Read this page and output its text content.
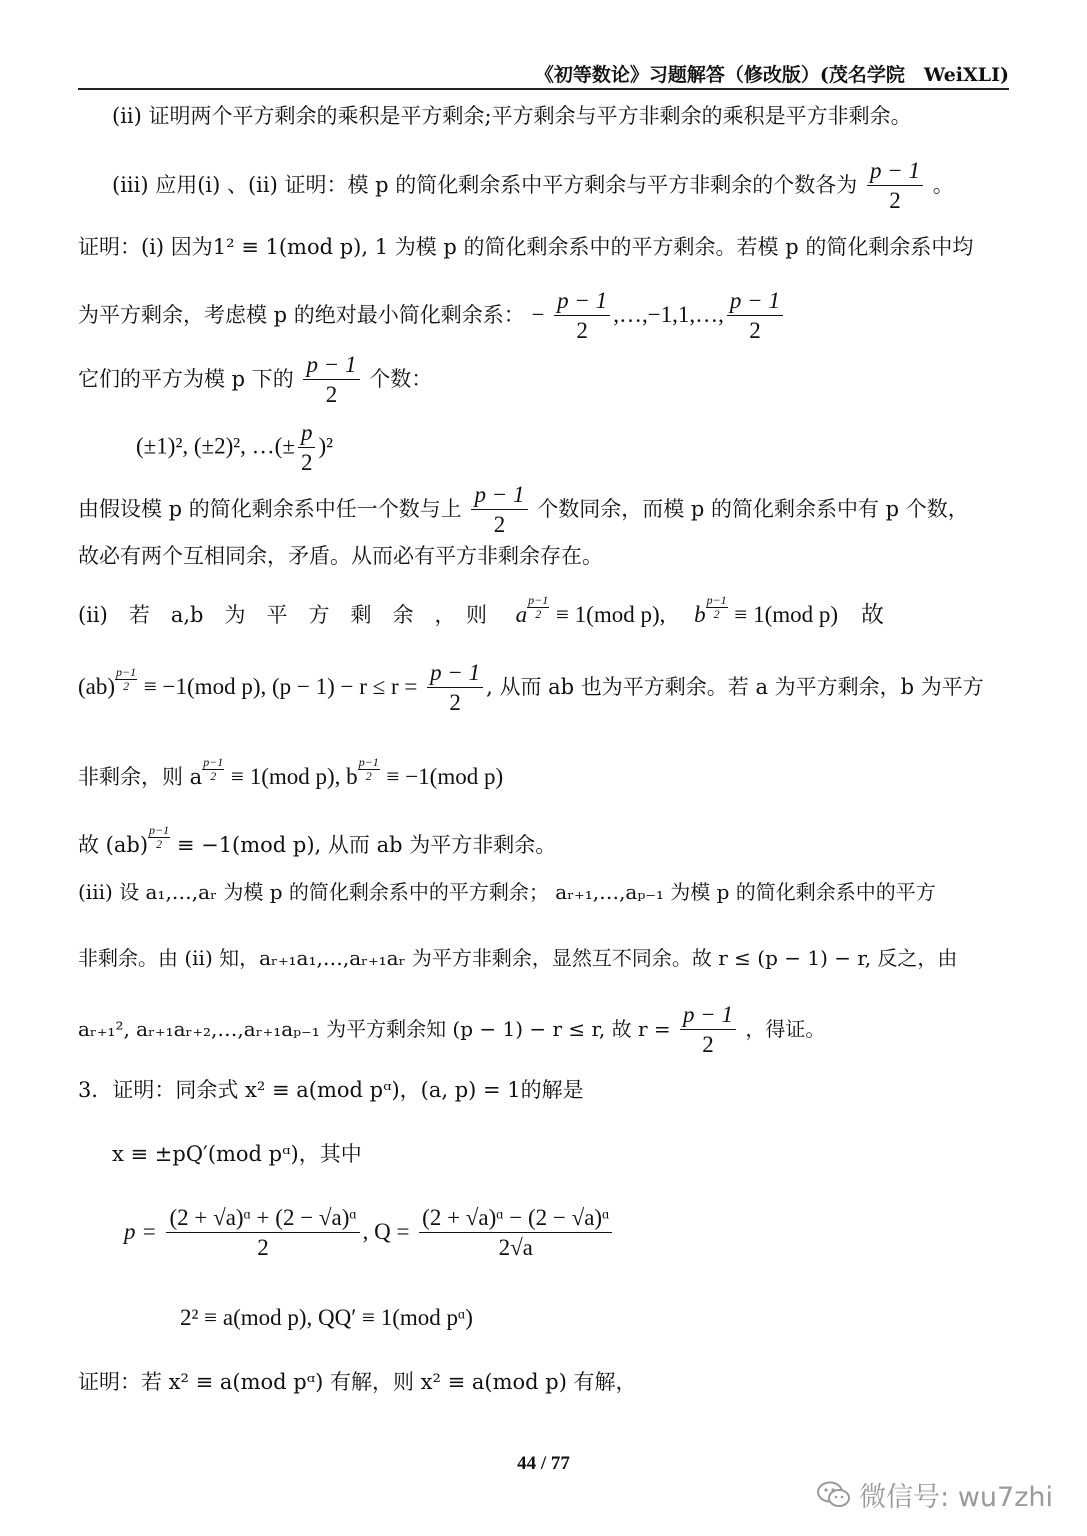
《初等数论》习题解答（修改版）(茂名学院　WeiXLI)
(ii) 证明两个平方剩余的乘积是平方剩余;平方剩余与平方非剩余的乘积是平方非剩余。
(iii) 应用(i) 、(ii) 证明：模 p 的简化剩余系中平方剩余与平方非剩余的个数各为 $\frac{p - 1}{2}$ 。
证明：(i) 因为1² ≡ 1(mod p), 1 为模 p 的简化剩余系中的平方剩余。若模 p 的简化剩余系中均
为平方剩余，考虑模 p 的绝对最小简化剩余系： − $\frac{p - 1}{2}$ ,…,−1,1,…, $\frac{p - 1}{2}$
它们的平方为模 p 下的 $\frac{p - 1}{2}$ 个数：
(±1)², (±2)², …(± $\frac{p}{2} )^2$
由假设模 p 的简化剩余系中任一个数与上 $\frac{p - 1}{2}$ 个数同余，而模 p 的简化剩余系中有 p 个数，
故必有两个互相同余，矛盾。从而必有平方非剩余存在。
(ii)　若　a,b　为　平　方　剩　余　，　则 a $\frac{p-1}{2} \equiv 1(mod$ p), b $\frac{p-1}{2} \equiv 1(mod$ p)　故
$(ab) \frac{p-1}{2} \equiv -1(mod$ p), $(p - 1) - r \le r = \frac{p - 1}{2}$ , 从而 ab 也为平方剩余。若 a 为平方剩余，b 为平方
非剩余，则 a $\frac{p-1}{2} \equiv 1(mod$ p), b $\frac{p-1}{2} \equiv -1(mod$ p)
故 $(ab) \frac{p-1}{2} \equiv -1(mod$ p), 从而 ab 为平方非剩余。
(iii) 设 a₁,…,aᵣ 为模 p 的简化剩余系中的平方剩余； aᵣ₊₁,…,aₚ₋₁ 为模 p 的简化剩余系中的平方
非剩余。由 (ii) 知，aᵣ₊₁a₁,…,aᵣ₊₁aᵣ 为平方非剩余，显然互不同余。故 r ≤ (p − 1) − r, 反之，由
aᵣ₊₁², aᵣ₊₁aᵣ₊₂,…,aᵣ₊₁aₚ₋₁ 为平方剩余知 (p − 1) − r ≤ r, 故 $r = \frac{p - 1}{2}$ ，得证。
3．证明：同余式 x² ≡ a(mod pᵅ)，(a, p) = 1的解是
x ≡ ±pQ′(mod pᵅ)，其中
$p = \frac{\text{(2 + √a)ᵅ + (2 − √a)ᵅ}}{2}$ , $Q = \frac{\text{(2 + √a)ᵅ − (2 − √a)ᵅ}}{2√a}$
2² ≡ a(mod p), QQ′ ≡ 1(mod pᵅ)
证明：若 x² ≡ a(mod pᵅ) 有解，则 x² ≡ a(mod p) 有解，
44 / 77
微信号: wu7zhi
